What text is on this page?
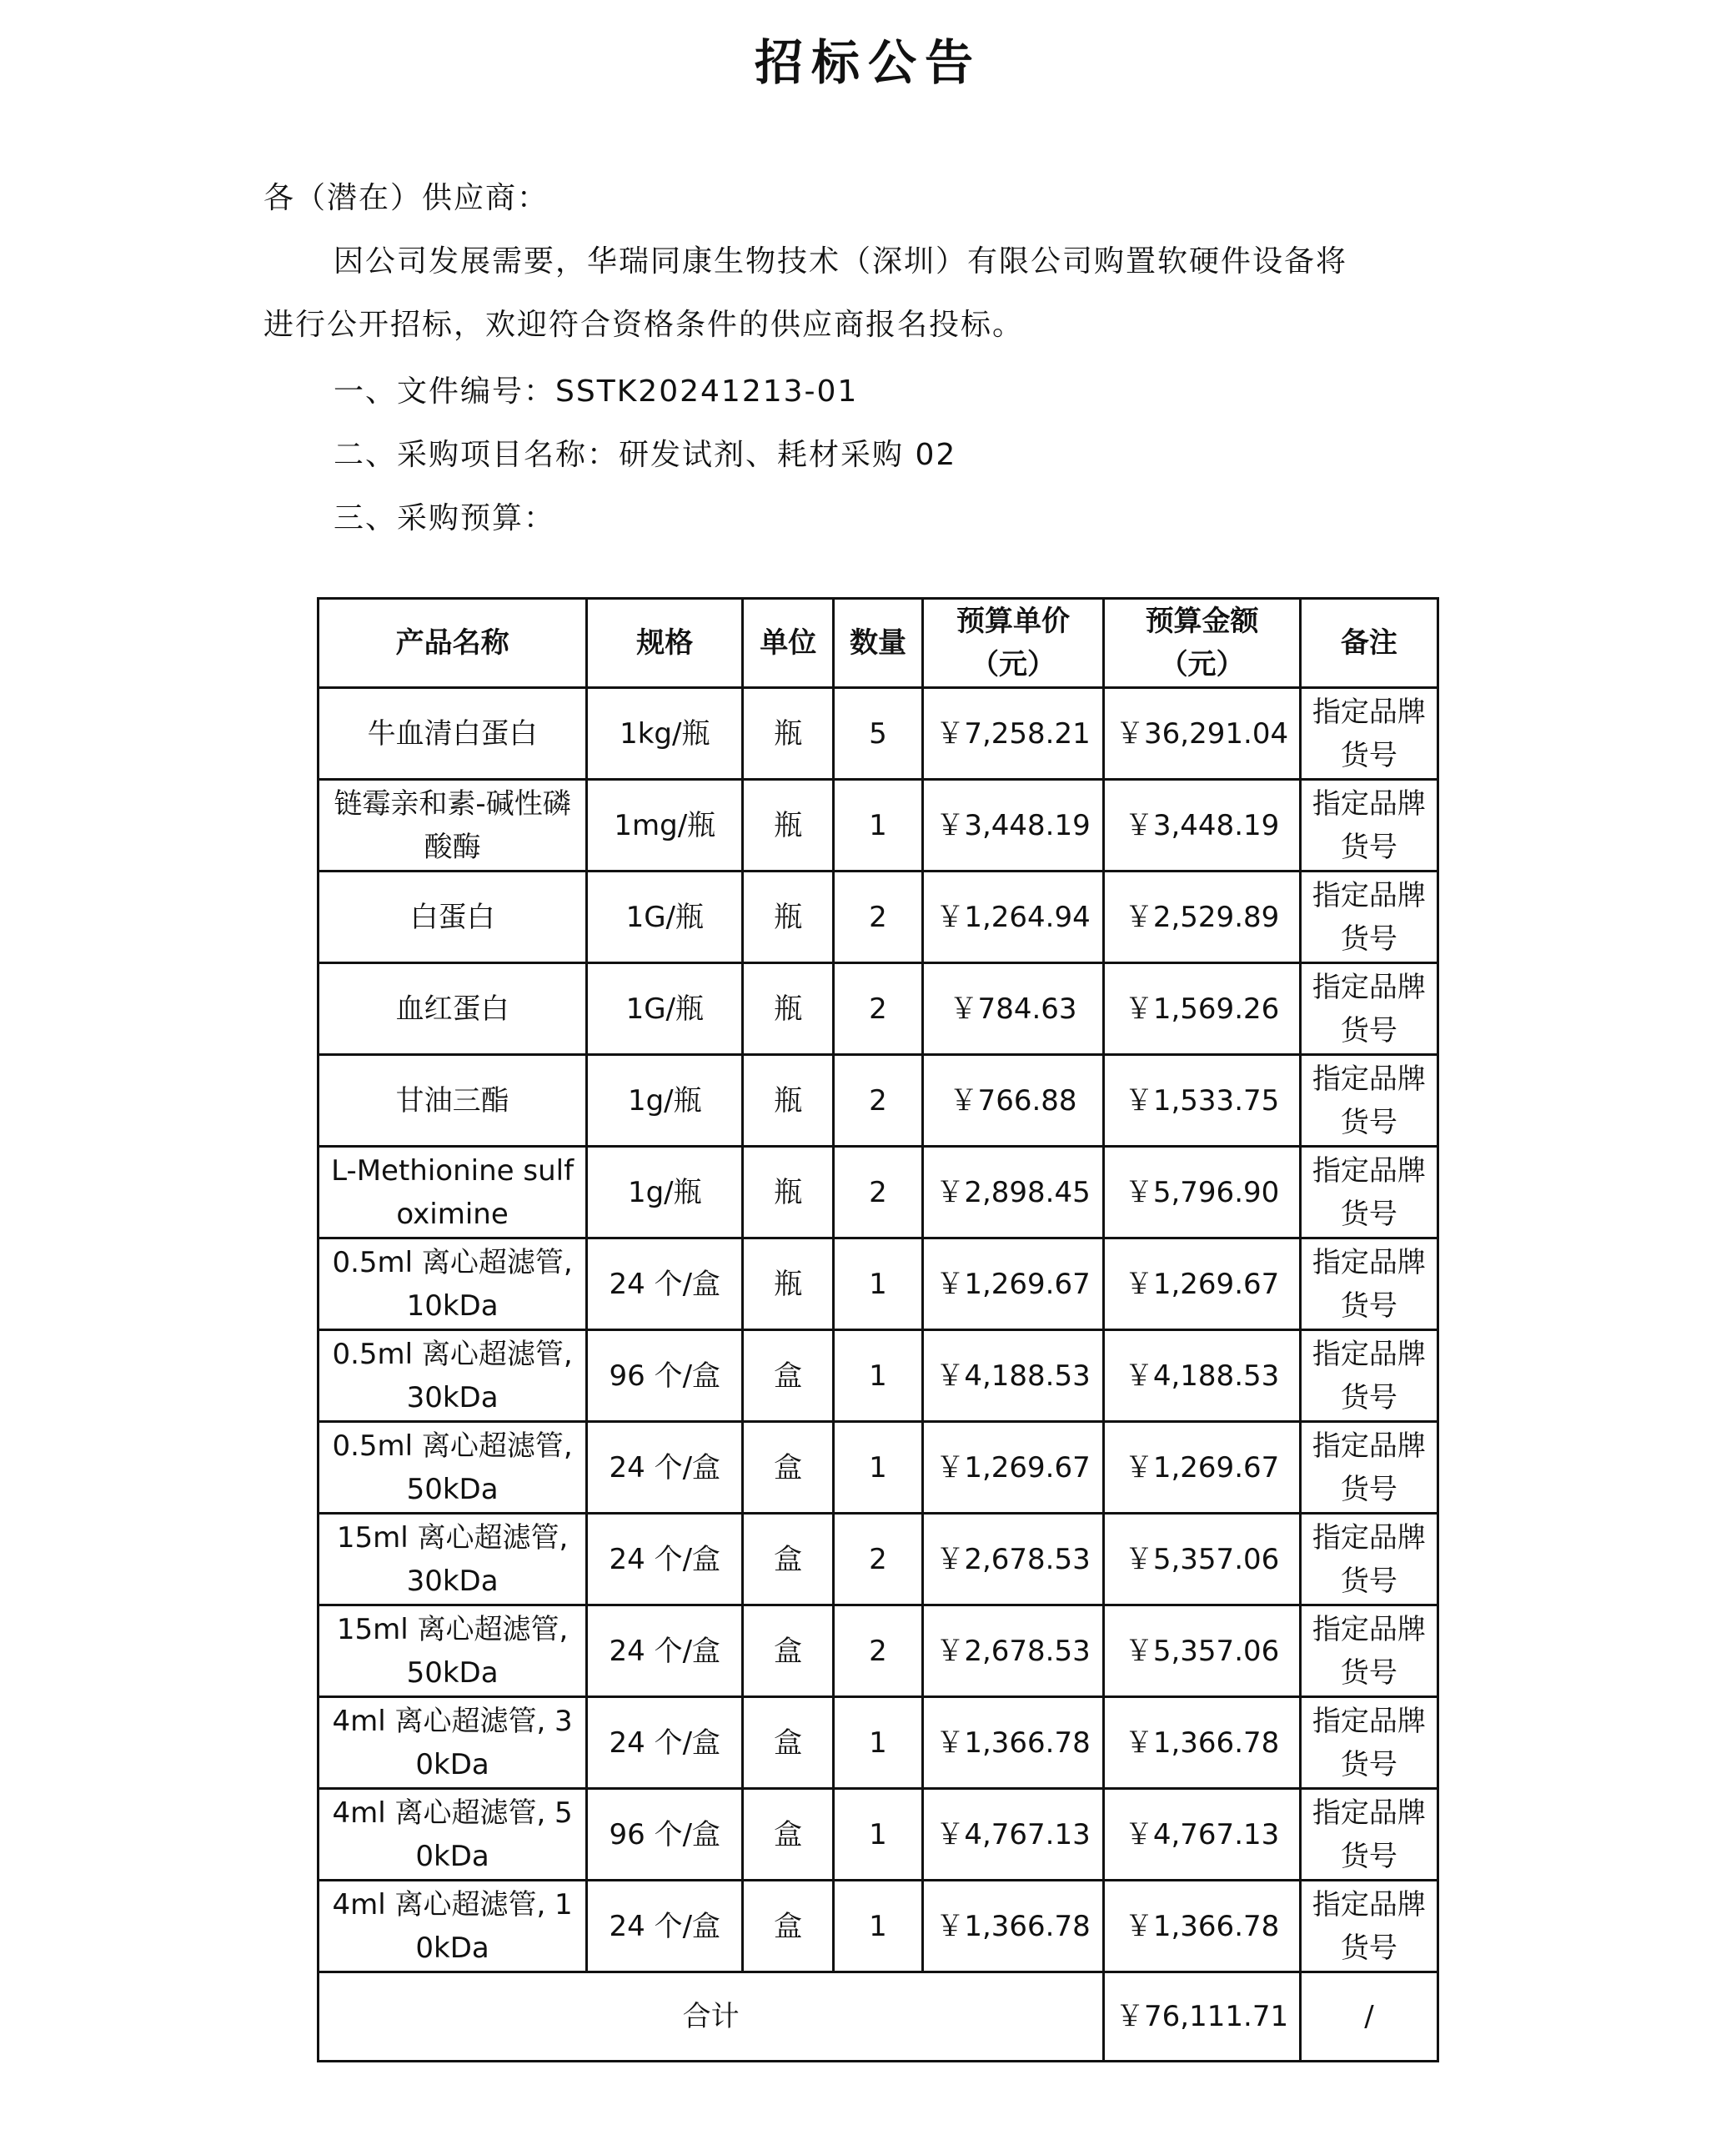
招标公告
各（潜在）供应商：
因公司发展需要，华瑞同康生物技术（深圳）有限公司购置软硬件设备将
进行公开招标，欢迎符合资格条件的供应商报名投标。
一、文件编号：SSTK20241213-01
二、采购项目名称：研发试剂、耗材采购 02
三、采购预算：
产品名称	规格	单位	数量	预算单价（元）	预算金额（元）	备注
牛血清白蛋白	1kg/瓶	瓶	5	￥7,258.21	￥36,291.04	指定品牌货号
链霉亲和素-碱性磷酸酶	1mg/瓶	瓶	1	￥3,448.19	￥3,448.19	指定品牌货号
白蛋白	1G/瓶	瓶	2	￥1,264.94	￥2,529.89	指定品牌货号
血红蛋白	1G/瓶	瓶	2	￥784.63	￥1,569.26	指定品牌货号
甘油三酯	1g/瓶	瓶	2	￥766.88	￥1,533.75	指定品牌货号
L-Methionine sulfoximine	1g/瓶	瓶	2	￥2,898.45	￥5,796.90	指定品牌货号
0.5ml 离心超滤管, 10kDa	24 个/盒	瓶	1	￥1,269.67	￥1,269.67	指定品牌货号
0.5ml 离心超滤管, 30kDa	96 个/盒	盒	1	￥4,188.53	￥4,188.53	指定品牌货号
0.5ml 离心超滤管, 50kDa	24 个/盒	盒	1	￥1,269.67	￥1,269.67	指定品牌货号
15ml 离心超滤管, 30kDa	24 个/盒	盒	2	￥2,678.53	￥5,357.06	指定品牌货号
15ml 离心超滤管, 50kDa	24 个/盒	盒	2	￥2,678.53	￥5,357.06	指定品牌货号
4ml 离心超滤管, 30kDa	24 个/盒	盒	1	￥1,366.78	￥1,366.78	指定品牌货号
4ml 离心超滤管, 50kDa	96 个/盒	盒	1	￥4,767.13	￥4,767.13	指定品牌货号
4ml 离心超滤管, 10kDa	24 个/盒	盒	1	￥1,366.78	￥1,366.78	指定品牌货号
合计					￥76,111.71	/
